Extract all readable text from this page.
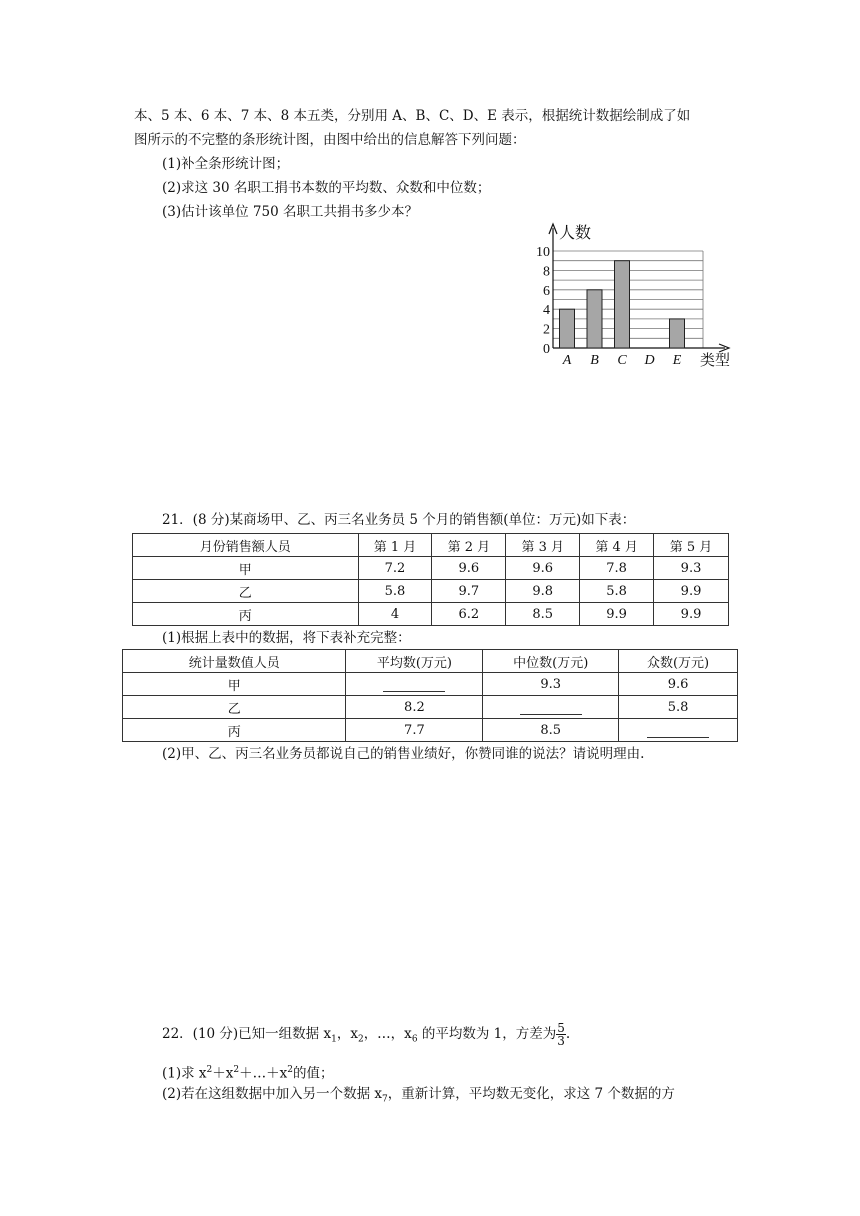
本、5 本、6 本、7 本、8 本五类，分别用 A、B、C、D、E 表示，根据统计数据绘制成了如
图所示的不完整的条形统计图，由图中给出的信息解答下列问题：
(1)补全条形统计图；
(2)求这 30 名职工捐书本数的平均数、众数和中位数；
(3)估计该单位 750 名职工共捐书多少本？
0
2
4
6
8
10
人数
A B C D E 类型
21．(8 分)某商场甲、乙、丙三名业务员 5 个月的销售额(单位：万元)如下表：
月份销售额人员	第 1 月	第 2 月	第 3 月	第 4 月	第 5 月
甲	7.2	9.6	9.6	7.8	9.3
乙	5.8	9.7	9.8	5.8	9.9
丙	4	6.2	8.5	9.9	9.9
(1)根据上表中的数据，将下表补充完整：
统计量数值人员	平均数(万元)	中位数(万元)	众数(万元)
甲		9.3	9.6
乙	8.2		5.8
丙	7.7	8.5	
(2)甲、乙、丙三名业务员都说自己的销售业绩好，你赞同谁的说法？请说明理由.
22．(10 分)已知一组数据 $x_1$，$x_2$，…，$x_6$ 的平均数为 1，方差为 $\frac{5}{3}$ .
(1)求 $x^2+x^2+\dots+x^2$的值；
(2)若在这组数据中加入另一个数据 $x_7$，重新计算，平均数无变化，求这 7 个数据的方
